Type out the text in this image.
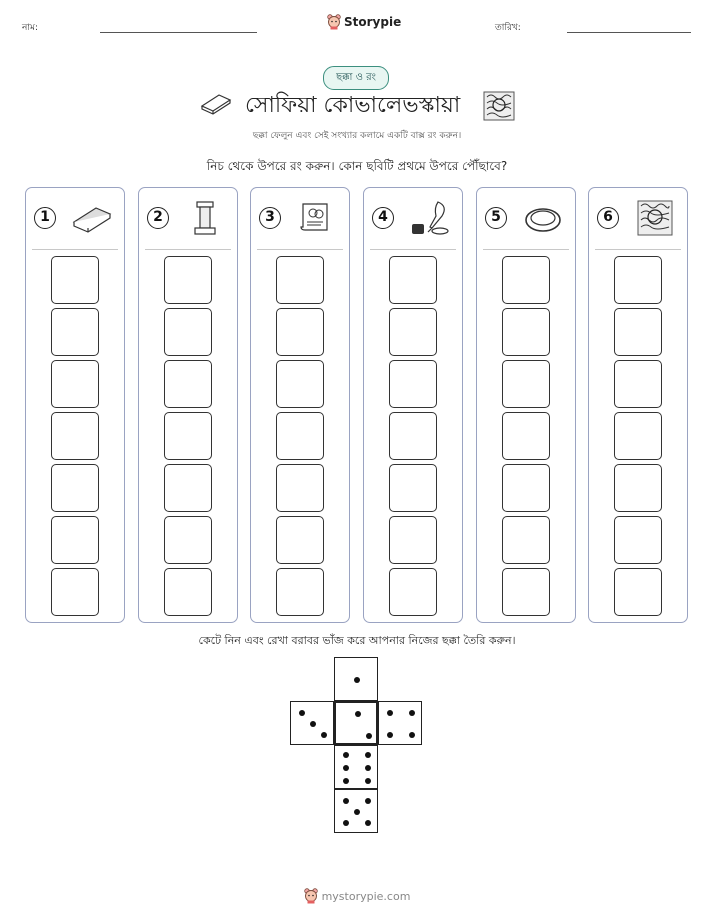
নাম:	Storypie	তারিখ:
ছক্কা ও রং
সোফিয়া কোভালেভস্কায়া
ছক্কা ফেলুন এবং সেই সংখ্যার কলামে একটি বাক্স রং করুন।
নিচ থেকে উপরে রং করুন। কোন ছবিটি প্রথমে উপরে পৌঁছাবে?
1	2	3	4	5	6
কেটে নিন এবং রেখা বরাবর ভাঁজ করে আপনার নিজের ছক্কা তৈরি করুন।
mystorypie.com
